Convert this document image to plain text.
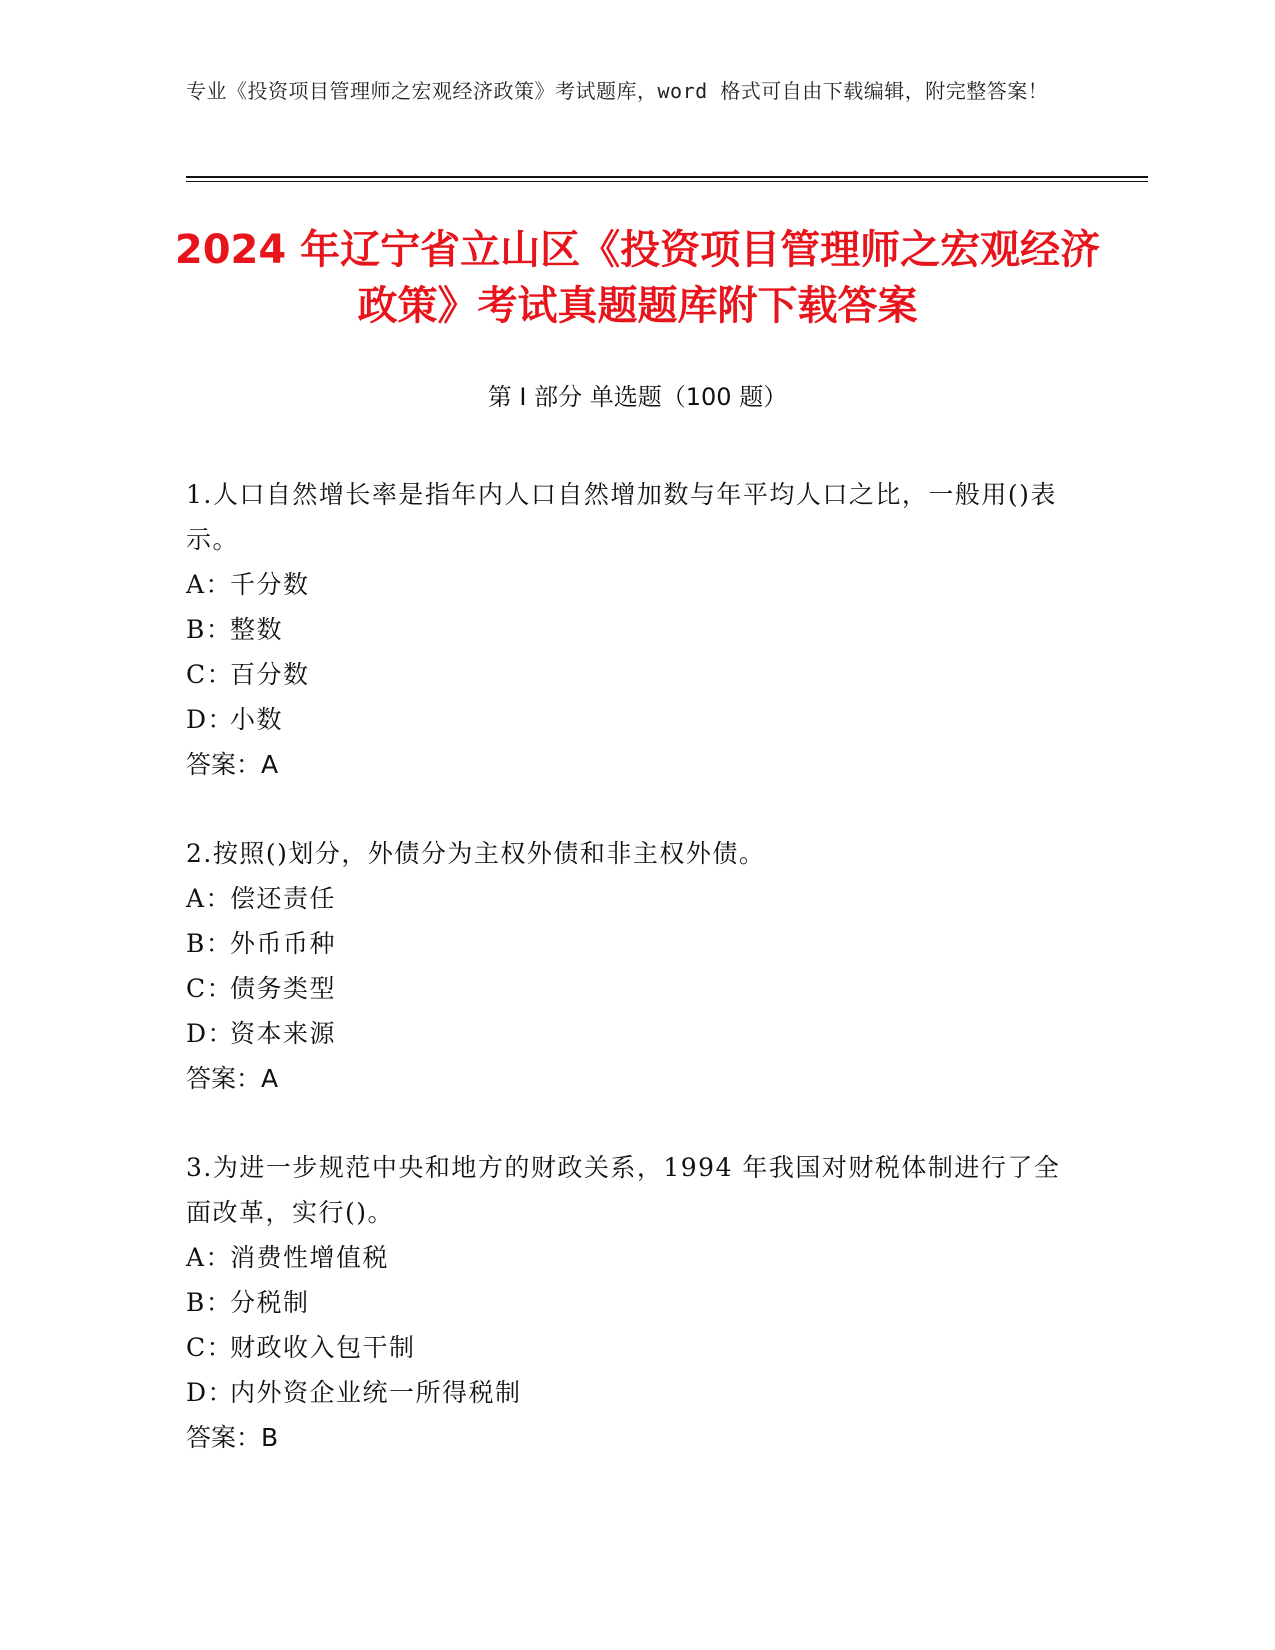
专业《投资项目管理师之宏观经济政策》考试题库，word 格式可自由下载编辑，附完整答案！
2024 年辽宁省立山区《投资项目管理师之宏观经济政策》考试真题题库附下载答案
第 I 部分 单选题（100 题）

1.人口自然增长率是指年内人口自然增加数与年平均人口之比，一般用()表示。

A：
千分数
B：
整数
C：
百分数
D：
小数
答案：A

2.按照()划分，外债分为主权外债和非主权外债。

A：
偿还责任
B：
外币币种
C：
债务类型
D：
资本来源
答案：A

3.为进一步规范中央和地方的财政关系，1994 年我国对财税体制进行了全面改革，实行()。

A：
消费性增值税
B：
分税制
C：
财政收入包干制
D：
内外资企业统一所得税制
答案：B
